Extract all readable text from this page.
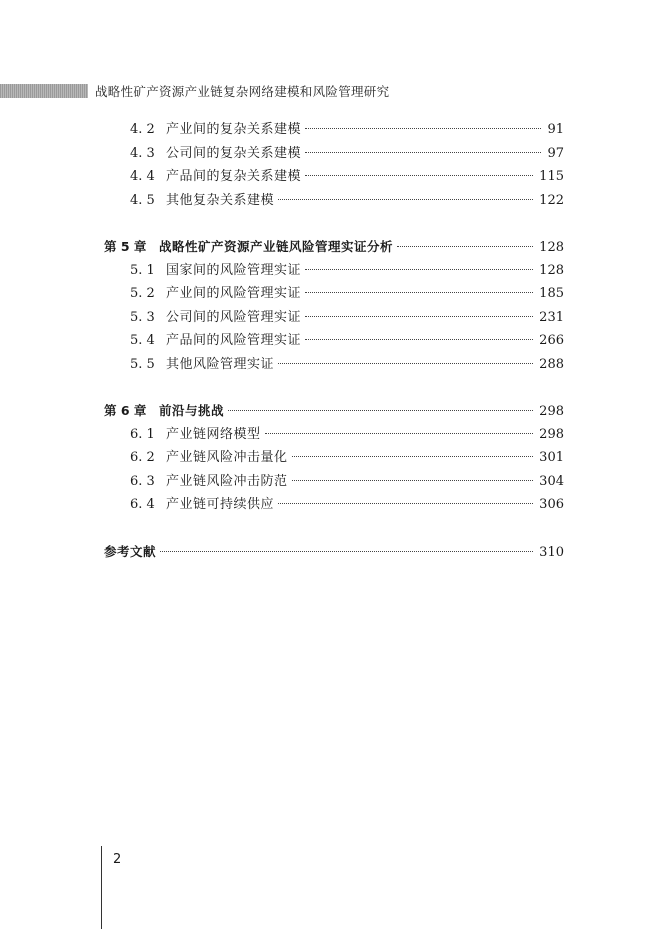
战略性矿产资源产业链复杂网络建模和风险管理研究
4. 2 产业间的复杂关系建模	91
4. 3 公司间的复杂关系建模	97
4. 4 产品间的复杂关系建模	115
4. 5 其他复杂关系建模	122
第 5 章	战略性矿产资源产业链风险管理实证分析	128
5. 1 国家间的风险管理实证	128
5. 2 产业间的风险管理实证	185
5. 3 公司间的风险管理实证	231
5. 4 产品间的风险管理实证	266
5. 5 其他风险管理实证	288
第 6 章	前沿与挑战	298
6. 1 产业链网络模型	298
6. 2 产业链风险冲击量化	301
6. 3 产业链风险冲击防范	304
6. 4 产业链可持续供应	306
参考文献	310
2
